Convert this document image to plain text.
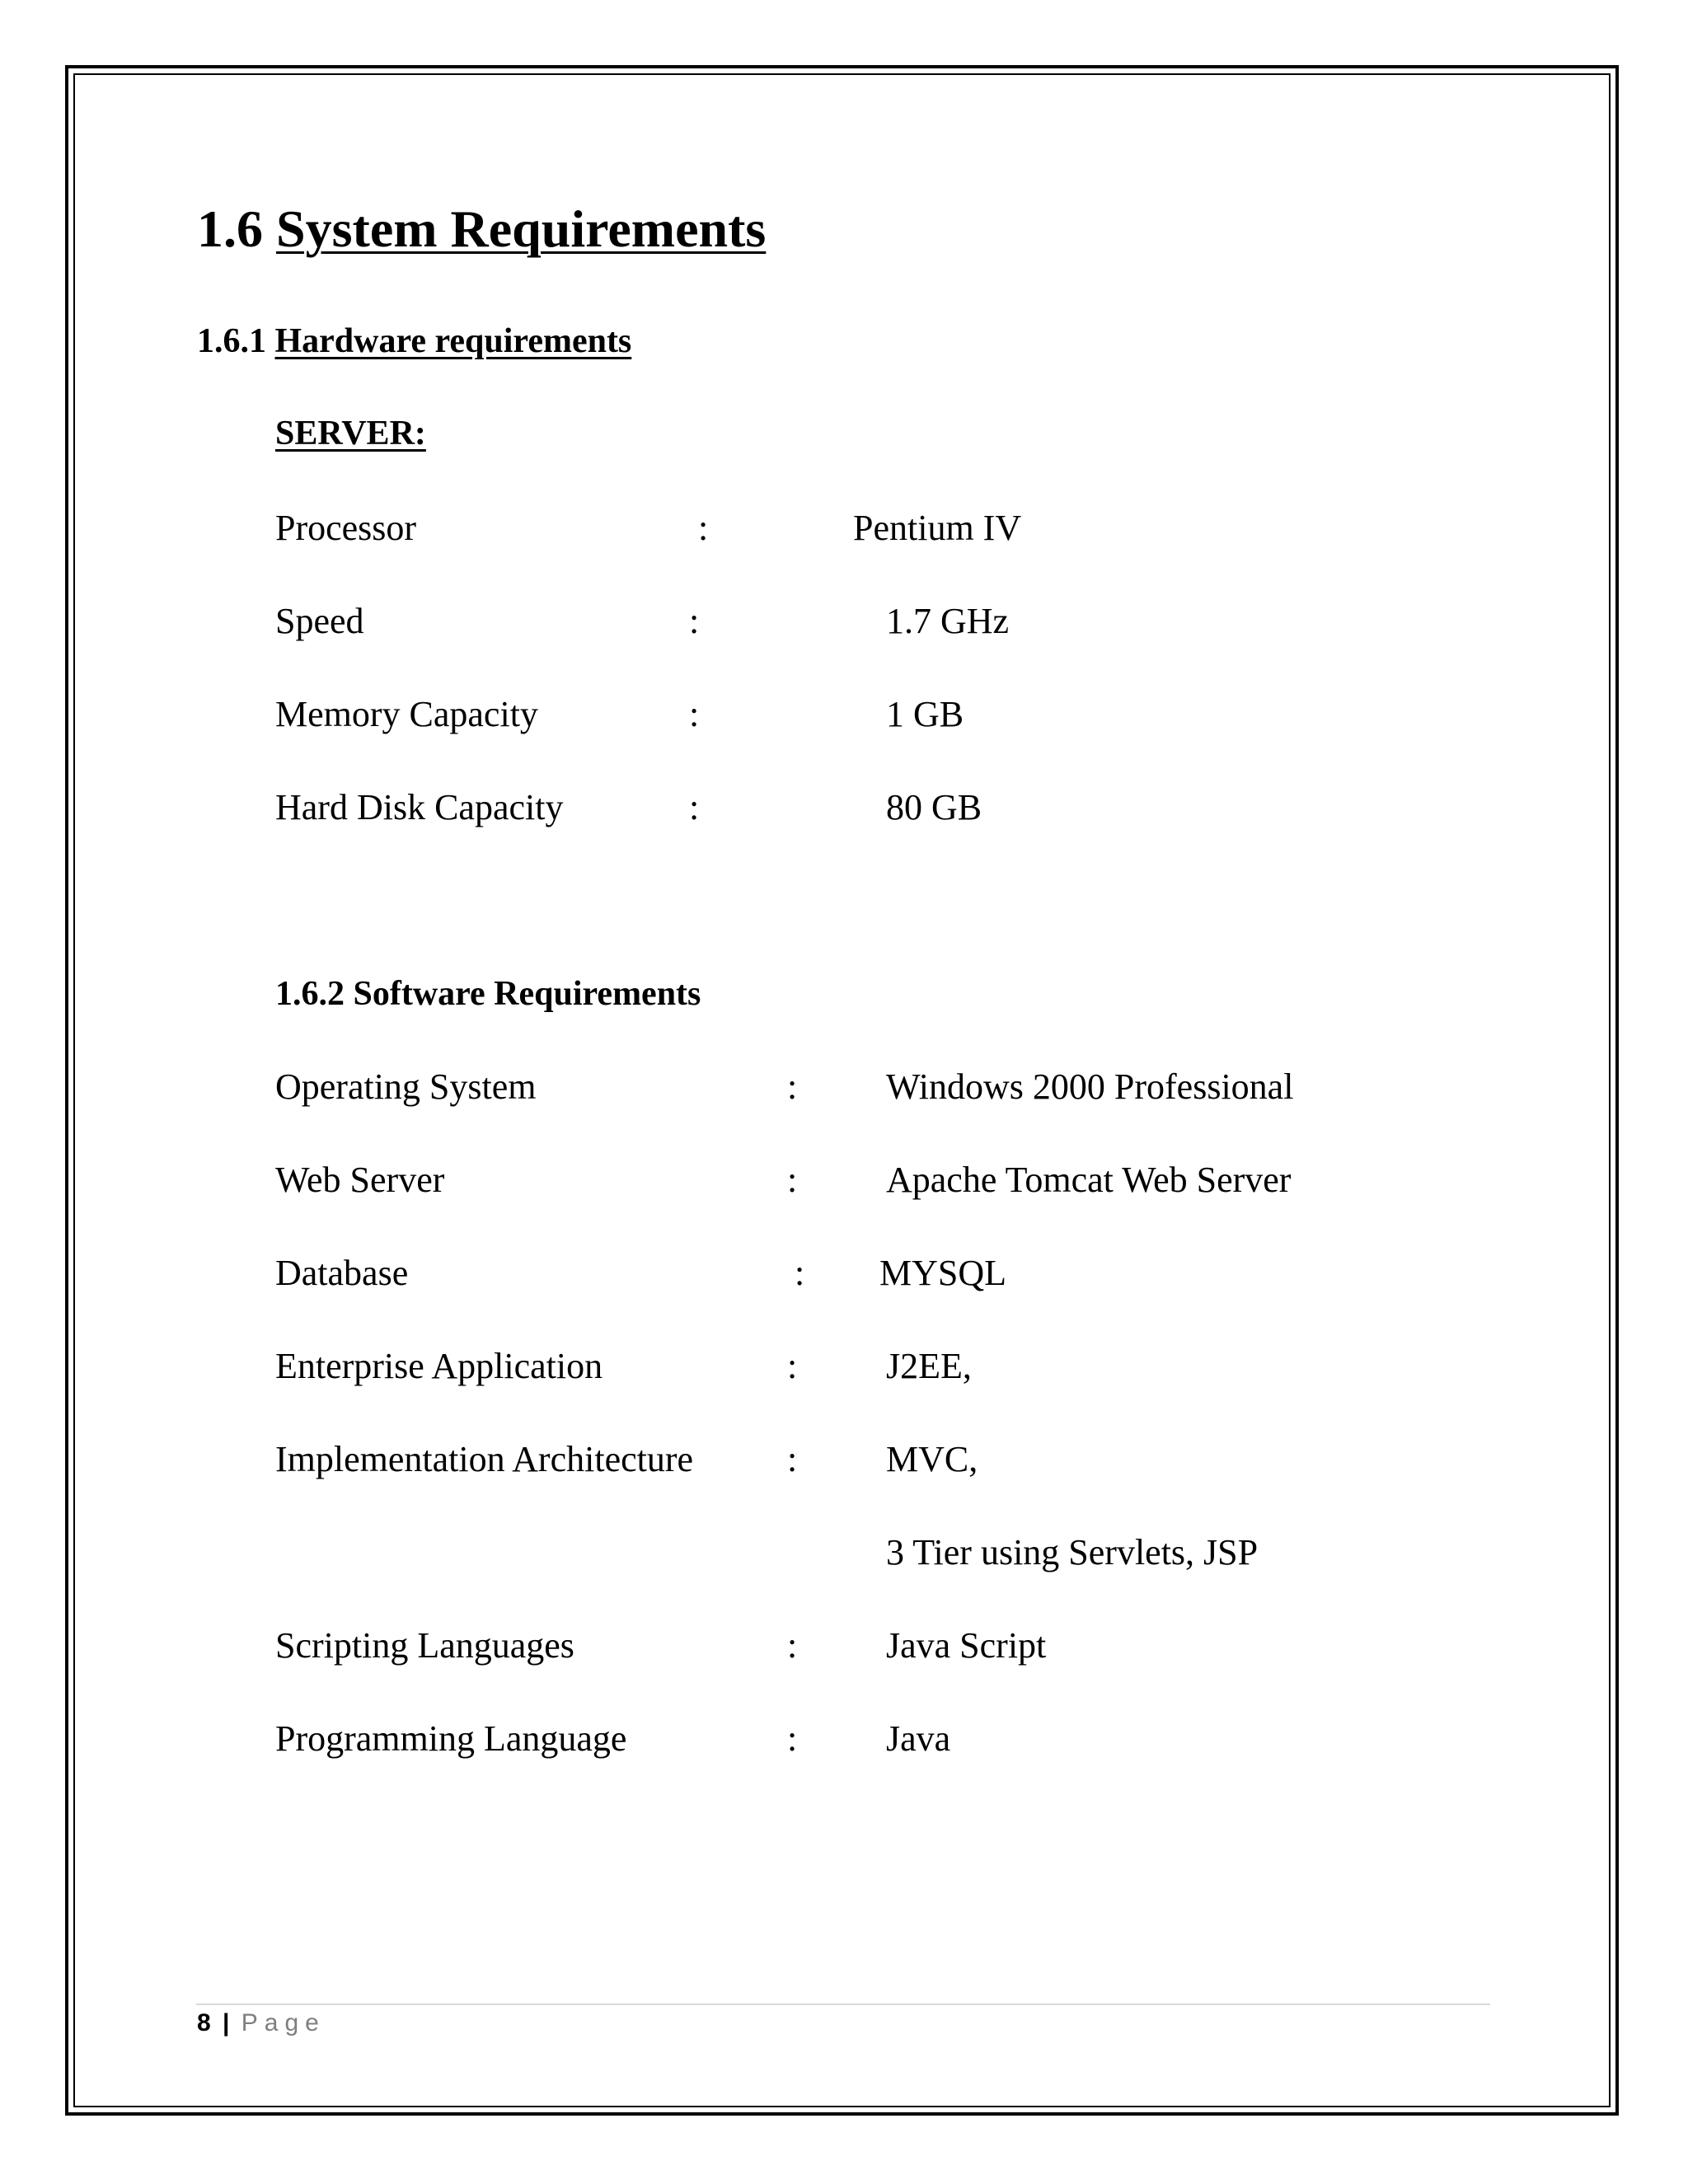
1.6 System Requirements
1.6.1 Hardware requirements
SERVER:
Processor	:	Pentium IV
Speed	:	1.7 GHz
Memory Capacity	:	1 GB
Hard Disk Capacity	:	80 GB
1.6.2 Software Requirements
Operating System	: Windows 2000 Professional
Web Server	: Apache Tomcat Web Server
Database	: MYSQL
Enterprise Application	: J2EE,
Implementation Architecture	: MVC,
3 Tier using Servlets, JSP
Scripting Languages	: Java Script
Programming Language	: Java
8 | Page
